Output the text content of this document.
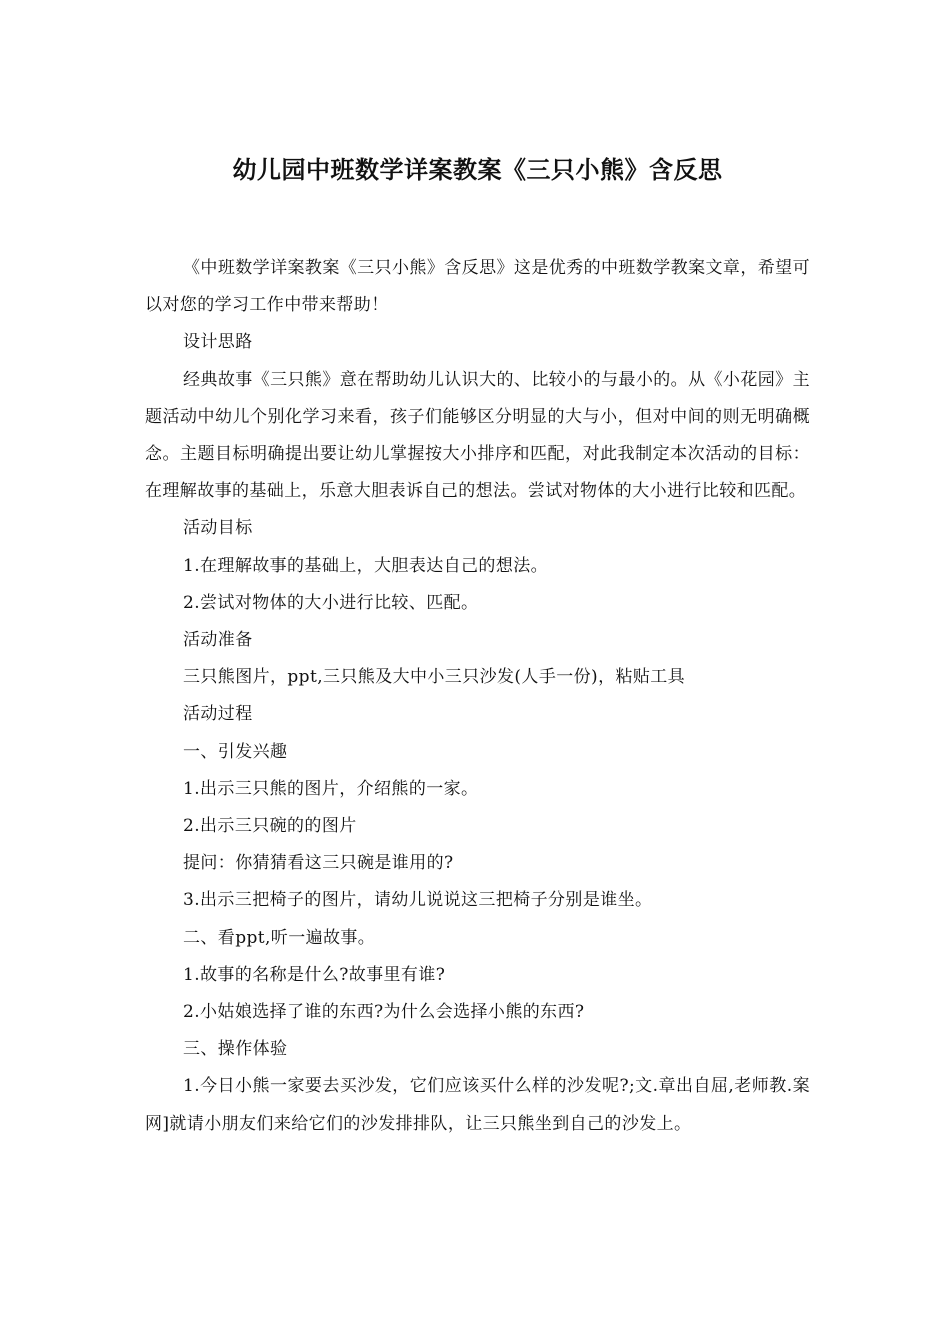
幼儿园中班数学详案教案《三只小熊》含反思

《中班数学详案教案《三只小熊》含反思》这是优秀的中班数学教案文章，希望可以对您的学习工作中带来帮助！

设计思路

经典故事《三只熊》意在帮助幼儿认识大的、比较小的与最小的。从《小花园》主题活动中幼儿个别化学习来看，孩子们能够区分明显的大与小，但对中间的则无明确概念。主题目标明确提出要让幼儿掌握按大小排序和匹配，对此我制定本次活动的目标：在理解故事的基础上，乐意大胆表诉自己的想法。尝试对物体的大小进行比较和匹配。

活动目标

1.在理解故事的基础上，大胆表达自己的想法。

2.尝试对物体的大小进行比较、匹配。

活动准备

三只熊图片，ppt,三只熊及大中小三只沙发(人手一份)，粘贴工具

活动过程

一、引发兴趣

1.出示三只熊的图片，介绍熊的一家。

2.出示三只碗的的图片

提问：你猜猜看这三只碗是谁用的?

3.出示三把椅子的图片，请幼儿说说这三把椅子分别是谁坐。

二、看ppt,听一遍故事。

1.故事的名称是什么?故事里有谁?

2.小姑娘选择了谁的东西?为什么会选择小熊的东西?

三、操作体验

1.今日小熊一家要去买沙发，它们应该买什么样的沙发呢?;文.章出自屈,老师教.案网]就请小朋友们来给它们的沙发排排队，让三只熊坐到自己的沙发上。
